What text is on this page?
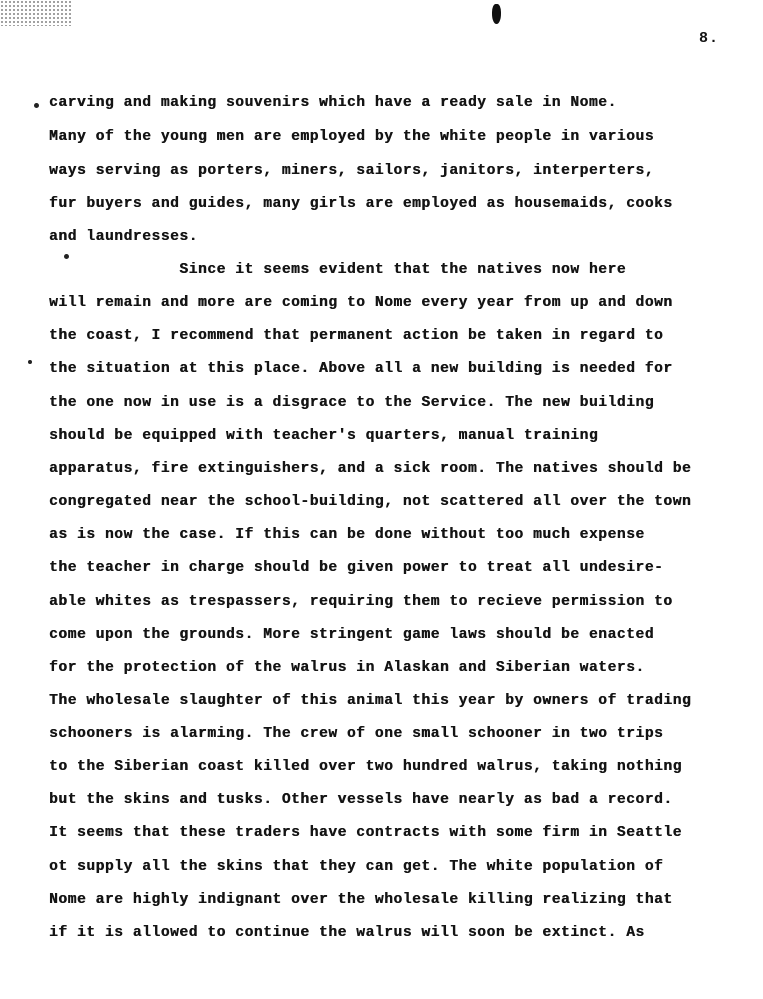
8.
carving and making souvenirs which have a ready sale in Nome.
Many of the young men are employed by the white people in various
ways serving as porters, miners, sailors, janitors, interperters,
fur buyers and guides, many girls are employed as housemaids, cooks
and laundresses.
Since it seems evident that the natives now here
will remain and more are coming to Nome every year from up and down
the coast, I recommend that permanent action be taken in regard to
the situation at this place. Above all a new building is needed for
the one now in use is a disgrace to the Service. The new building
should be equipped with teacher's quarters, manual training
apparatus, fire extinguishers, and a sick room. The natives should be
congregated near the school-building, not scattered all over the town
as is now the case. If this can be done without too much expense
the teacher in charge should be given power to treat all undesire-
able whites as trespassers, requiring them to recieve permission to
come upon the grounds. More stringent game laws should be enacted
for the protection of the walrus in Alaskan and Siberian waters.
The wholesale slaughter of this animal this year by owners of trading
schooners is alarming. The crew of one small schooner in two trips
to the Siberian coast killed over two hundred walrus, taking nothing
but the skins and tusks. Other vessels have nearly as bad a record.
It seems that these traders have contracts with some firm in Seattle
ot supply all the skins that they can get. The white population of
Nome are highly indignant over the wholesale killing realizing that
if it is allowed to continue the walrus will soon be extinct. As
